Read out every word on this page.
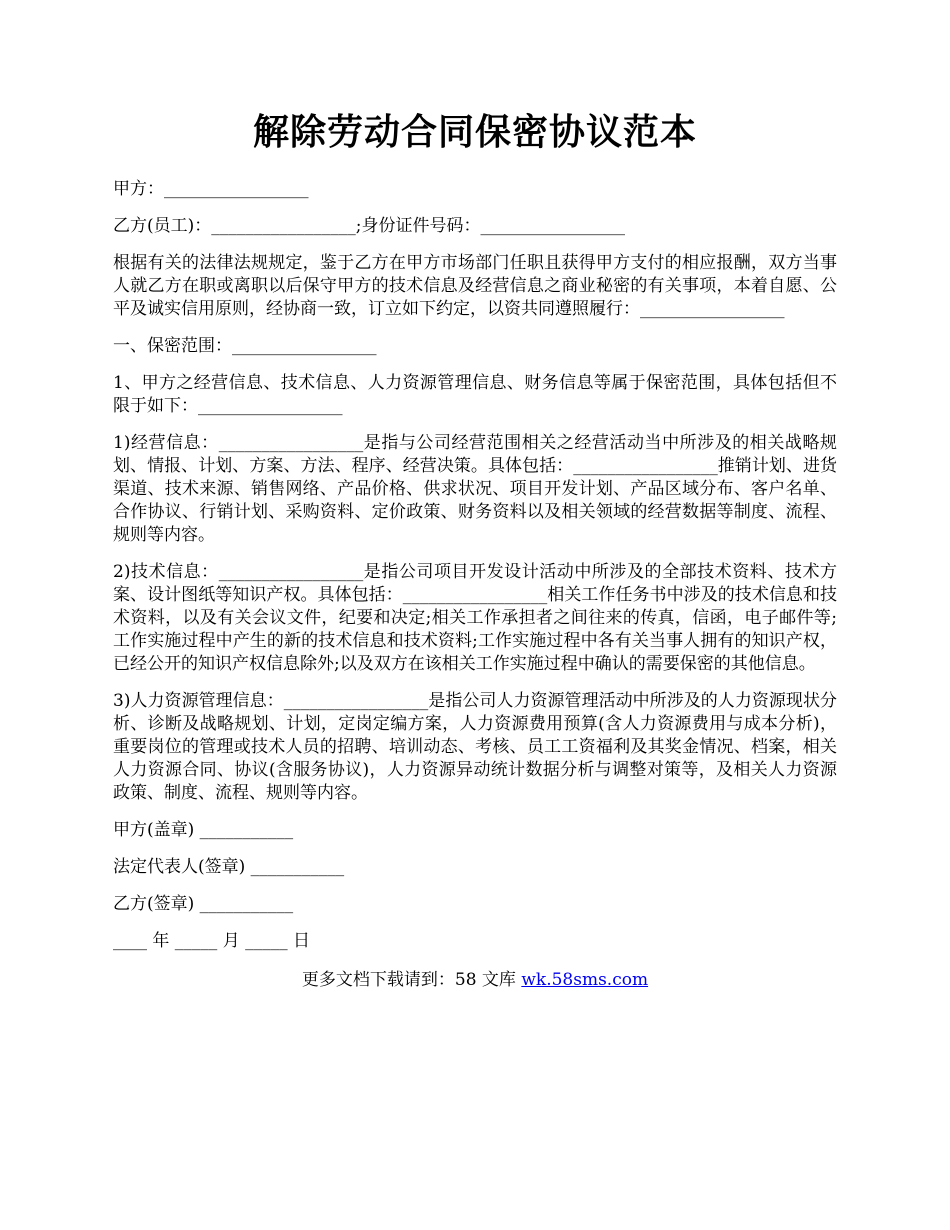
解除劳动合同保密协议范本

甲方：_________________

乙方(员工)：_________________;身份证件号码：_________________

根据有关的法律法规规定，鉴于乙方在甲方市场部门任职且获得甲方支付的相应报酬，双方当事人就乙方在职或离职以后保守甲方的技术信息及经营信息之商业秘密的有关事项，本着自愿、公平及诚实信用原则，经协商一致，订立如下约定，以资共同遵照履行：_________________

一、保密范围：_________________

1、甲方之经营信息、技术信息、人力资源管理信息、财务信息等属于保密范围，具体包括但不限于如下：_________________

1)经营信息：_________________是指与公司经营范围相关之经营活动当中所涉及的相关战略规划、情报、计划、方案、方法、程序、经营决策。具体包括：_________________推销计划、进货渠道、技术来源、销售网络、产品价格、供求状况、项目开发计划、产品区域分布、客户名单、合作协议、行销计划、采购资料、定价政策、财务资料以及相关领域的经营数据等制度、流程、规则等内容。

2)技术信息：_________________是指公司项目开发设计活动中所涉及的全部技术资料、技术方案、设计图纸等知识产权。具体包括：_________________相关工作任务书中涉及的技术信息和技术资料，以及有关会议文件，纪要和决定;相关工作承担者之间往来的传真，信函，电子邮件等;工作实施过程中产生的新的技术信息和技术资料;工作实施过程中各有关当事人拥有的知识产权，已经公开的知识产权信息除外;以及双方在该相关工作实施过程中确认的需要保密的其他信息。

3)人力资源管理信息：_________________是指公司人力资源管理活动中所涉及的人力资源现状分析、诊断及战略规划、计划，定岗定编方案，人力资源费用预算(含人力资源费用与成本分析)，重要岗位的管理或技术人员的招聘、培训动态、考核、员工工资福利及其奖金情况、档案，相关人力资源合同、协议(含服务协议)，人力资源异动统计数据分析与调整对策等，及相关人力资源政策、制度、流程、规则等内容。

甲方(盖章) ___________

法定代表人(签章) ___________

乙方(签章) ___________

____ 年 _____ 月 _____ 日

更多文档下载请到：58 文库 wk.58sms.com
